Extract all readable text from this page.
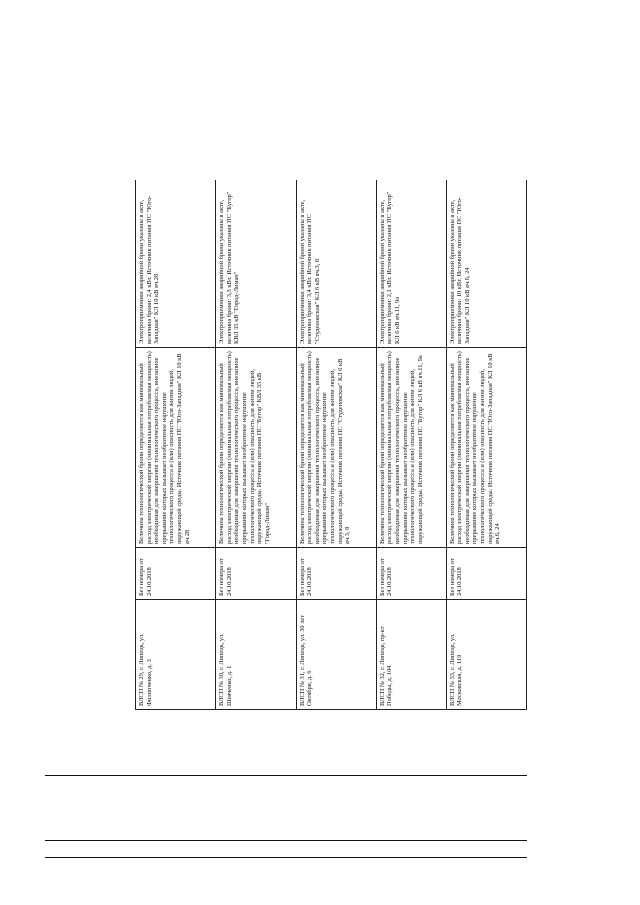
ВЛСП № 29, г. Липецк, ул. Филипченко, д. 3	Без номера от 24.10.2018	Величина технологической брони определяется как минимальный расход электрической энергии (минимальная потребляемая мощность) необходимая для завершения технологического процесса, внезапное прерывание которых вызывает необратимое нарушение технологического процесса и (или) опасность для жизни людей, окружающей среды. Источник питания ПС "Юго-Западная" КЛ 10 кВ яч.28	Электроприемники аварийной брони указаны в акте, величина брони: 2,4 кВт. Источник питания ПС "Юго-Западная" КЛ 10 кВ яч.28
ВЛСП № 30, г. Липецк, ул. Шевченко, д. 1	Без номера от 24.10.2018	Величина технологической брони определяется как минимальный расход электрической энергии (минимальная потребляемая мощность) необходимая для завершения технологического процесса, внезапное прерывание которых вызывает необратимое нарушение технологического процесса и (или) опасность для жизни людей, окружающей среды. Источник питания ПС "Бугор" КВЛ 35 кВ "Город-Лиман"	Электроприемники аварийной брони указаны в акте, величина брони: 3,3 кВт. Источник питания ПС "Бугор" КВЛ 35 кВ "Город-Лиман"
ВЛСП № 31, г. Липецк, ул. 30 лет Октября, д. 6	Без номера от 24.10.2018	Величина технологической брони определяется как минимальный расход электрической энергии (минимальная потребляемая мощность) необходимая для завершения технологического процесса, внезапное прерывание которых вызывает необратимое нарушение технологического процесса и (или) опасность для жизни людей, окружающей среды. Источник питания ПС "Студеновская" КЛ 6 кВ яч.3, 8	Электроприемники аварийной брони указаны в акте, величина брони: 3,4 кВт. Источник питания ПС "Студеновская" КЛ 6 кВ яч.3, 8
ВЛСП № 32, г. Липецк, пр-кт Победы, д. 104	Без номера от 24.10.2018	Величина технологической брони определяется как минимальный расход электрической энергии (минимальная потребляемая мощность) необходимая для завершения технологического процесса, внезапное прерывание которых вызывает необратимое нарушение технологического процесса и (или) опасность для жизни людей, окружающей среды. Источник питания ПС "Бугор" КЛ 6 кВ яч.11, 9а	Электроприемники аварийной брони указаны в акте, величина брони: 2,1 кВт. Источник питания ПС "Бугор" КЛ 6 кВ яч.11, 9а
ВЛСП № 33, г. Липецк, ул. Московская, д. 119	Без номера от 24.10.2018	Величина технологической брони определяется как минимальный расход электрической энергии (минимальная потребляемая мощность) необходимая для завершения технологического процесса, внезапное прерывание которых вызывает необратимое нарушение технологического процесса и (или) опасность для жизни людей, окружающей среды. Источник питания ПС "Юго-Западная" КЛ 10 кВ яч.6, 24	Электроприемники аварийной брони указаны в акте, величина брони: 10 кВт. Источник питания ПС "Юго-Западная" КЛ 10 кВ яч.6, 24
